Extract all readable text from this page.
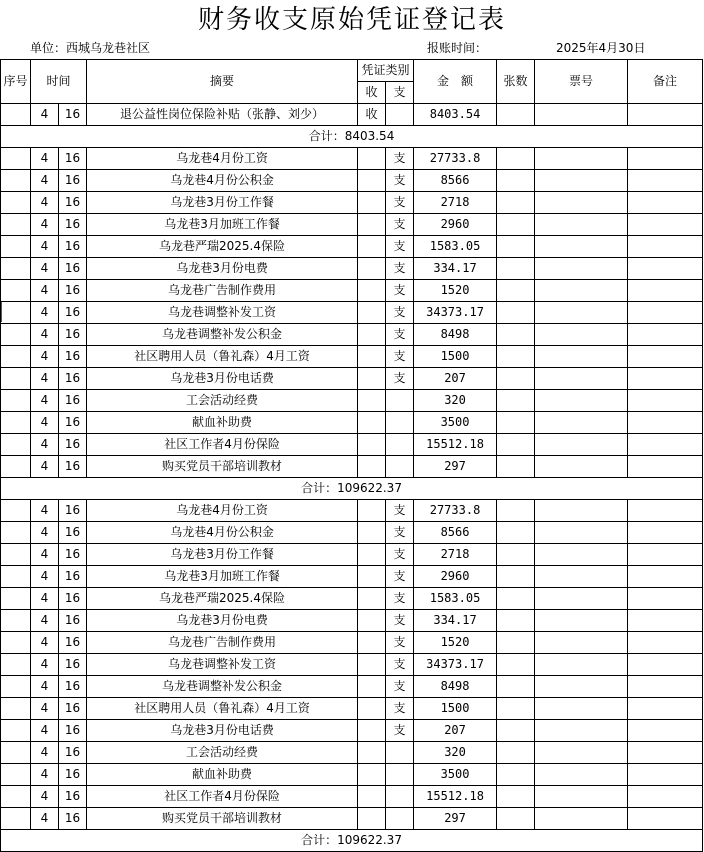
财务收支原始凭证登记表
单位：西城乌龙巷社区	报账时间：	2025年4月30日
序号	时间		摘要	凭证类别		金　额	张数	票号	备注
				收	支				
	4	16	退公益性岗位保险补贴（张静、刘少）	收		8403.54			
合计：8403.54									
	4	16	乌龙巷4月份工资		支	27733.8			
	4	16	乌龙巷4月份公积金		支	8566			
	4	16	乌龙巷3月份工作餐		支	2718			
	4	16	乌龙巷3月加班工作餐		支	2960			
	4	16	乌龙巷严瑞2025.4保险		支	1583.05			
	4	16	乌龙巷3月份电费		支	334.17			
	4	16	乌龙巷广告制作费用		支	1520			
	4	16	乌龙巷调整补发工资		支	34373.17			
	4	16	乌龙巷调整补发公积金		支	8498			
	4	16	社区聘用人员（鲁礼森）4月工资		支	1500			
	4	16	乌龙巷3月份电话费		支	207			
	4	16	工会活动经费			320			
	4	16	献血补助费			3500			
	4	16	社区工作者4月份保险			15512.18			
	4	16	购买党员干部培训教材			297			
合计：109622.37									
	4	16	乌龙巷4月份工资		支	27733.8			
	4	16	乌龙巷4月份公积金		支	8566			
	4	16	乌龙巷3月份工作餐		支	2718			
	4	16	乌龙巷3月加班工作餐		支	2960			
	4	16	乌龙巷严瑞2025.4保险		支	1583.05			
	4	16	乌龙巷3月份电费		支	334.17			
	4	16	乌龙巷广告制作费用		支	1520			
	4	16	乌龙巷调整补发工资		支	34373.17			
	4	16	乌龙巷调整补发公积金		支	8498			
	4	16	社区聘用人员（鲁礼森）4月工资		支	1500			
	4	16	乌龙巷3月份电话费		支	207			
	4	16	工会活动经费			320			
	4	16	献血补助费			3500			
	4	16	社区工作者4月份保险			15512.18			
	4	16	购买党员干部培训教材			297			
合计：109622.37									
